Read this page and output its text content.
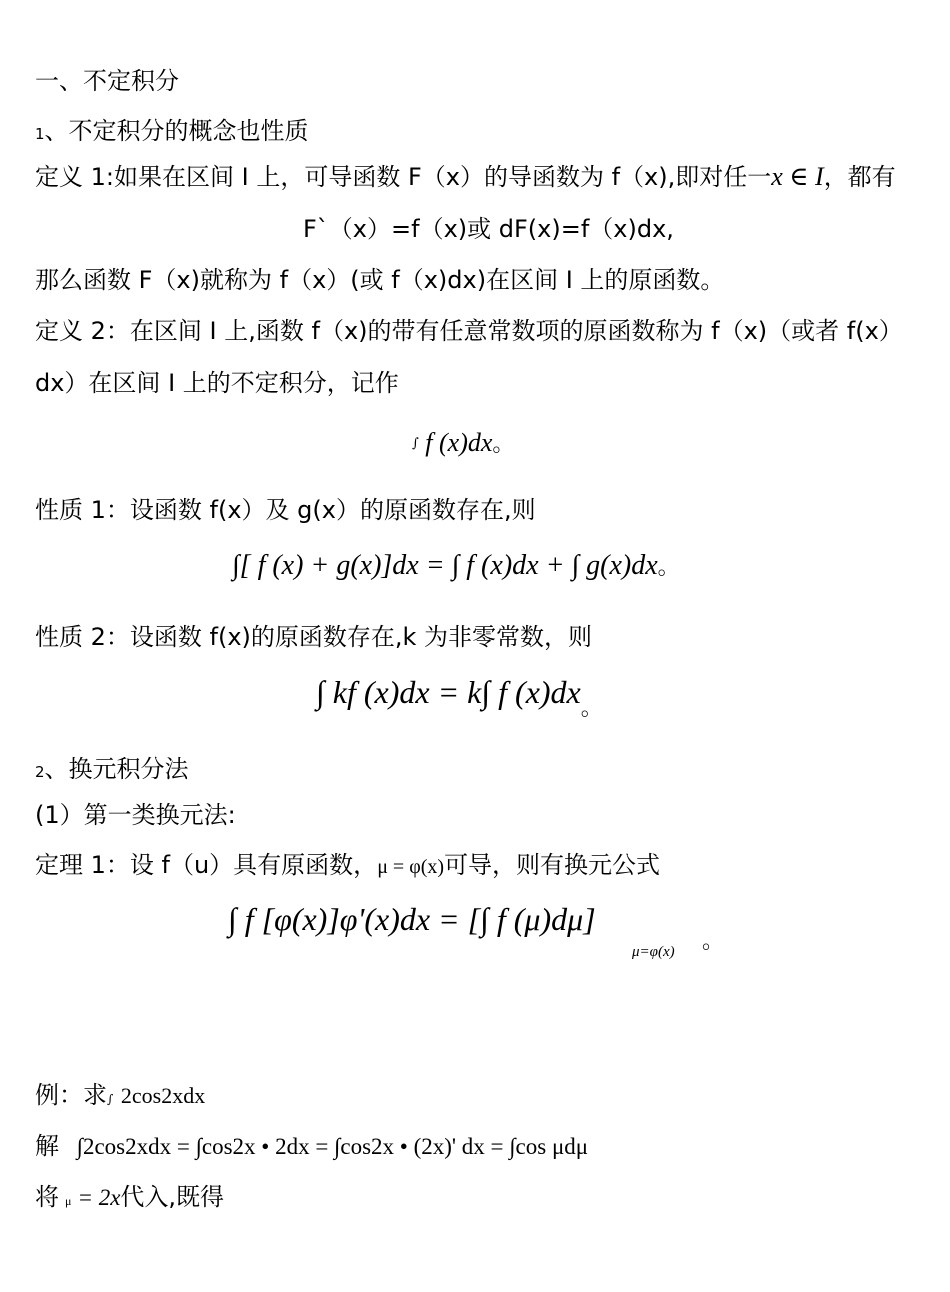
一、不定积分
1、不定积分的概念也性质
定义 1:如果在区间 I 上，可导函数 F（x）的导函数为 f（x),即对任一x ∈ I，都有
F`（x）=f（x)或 dF(x)=f（x)dx,
那么函数 F（x)就称为 f（x）(或 f（x)dx)在区间 I 上的原函数。
定义 2：在区间 I 上,函数 f（x)的带有任意常数项的原函数称为 f（x)（或者 f(x）
dx）在区间 I 上的不定积分，记作
∫ f (x)dx。
性质 1：设函数 f(x）及 g(x）的原函数存在,则
∫[ f (x) + g(x)]dx = ∫ f (x)dx + ∫ g(x)dx。
性质 2：设函数 f(x)的原函数存在,k 为非零常数，则
∫ kf (x)dx = k∫ f $(x)dx_。$
2、换元积分法
(1）第一类换元法:
定理 1：设 f（u）具有原函数，μ = φ(x)可导，则有换元公式
∫ f [φ(x)]φ'(x)dx = [∫ f (μ)dμ]
μ=φ(x) 。
例：求∫ 2cos2xdx
解 ∫2cos2xdx = ∫cos2x • 2dx = ∫cos2x • (2x)' dx = ∫cos μdμ
将μ = 2x代入,既得
